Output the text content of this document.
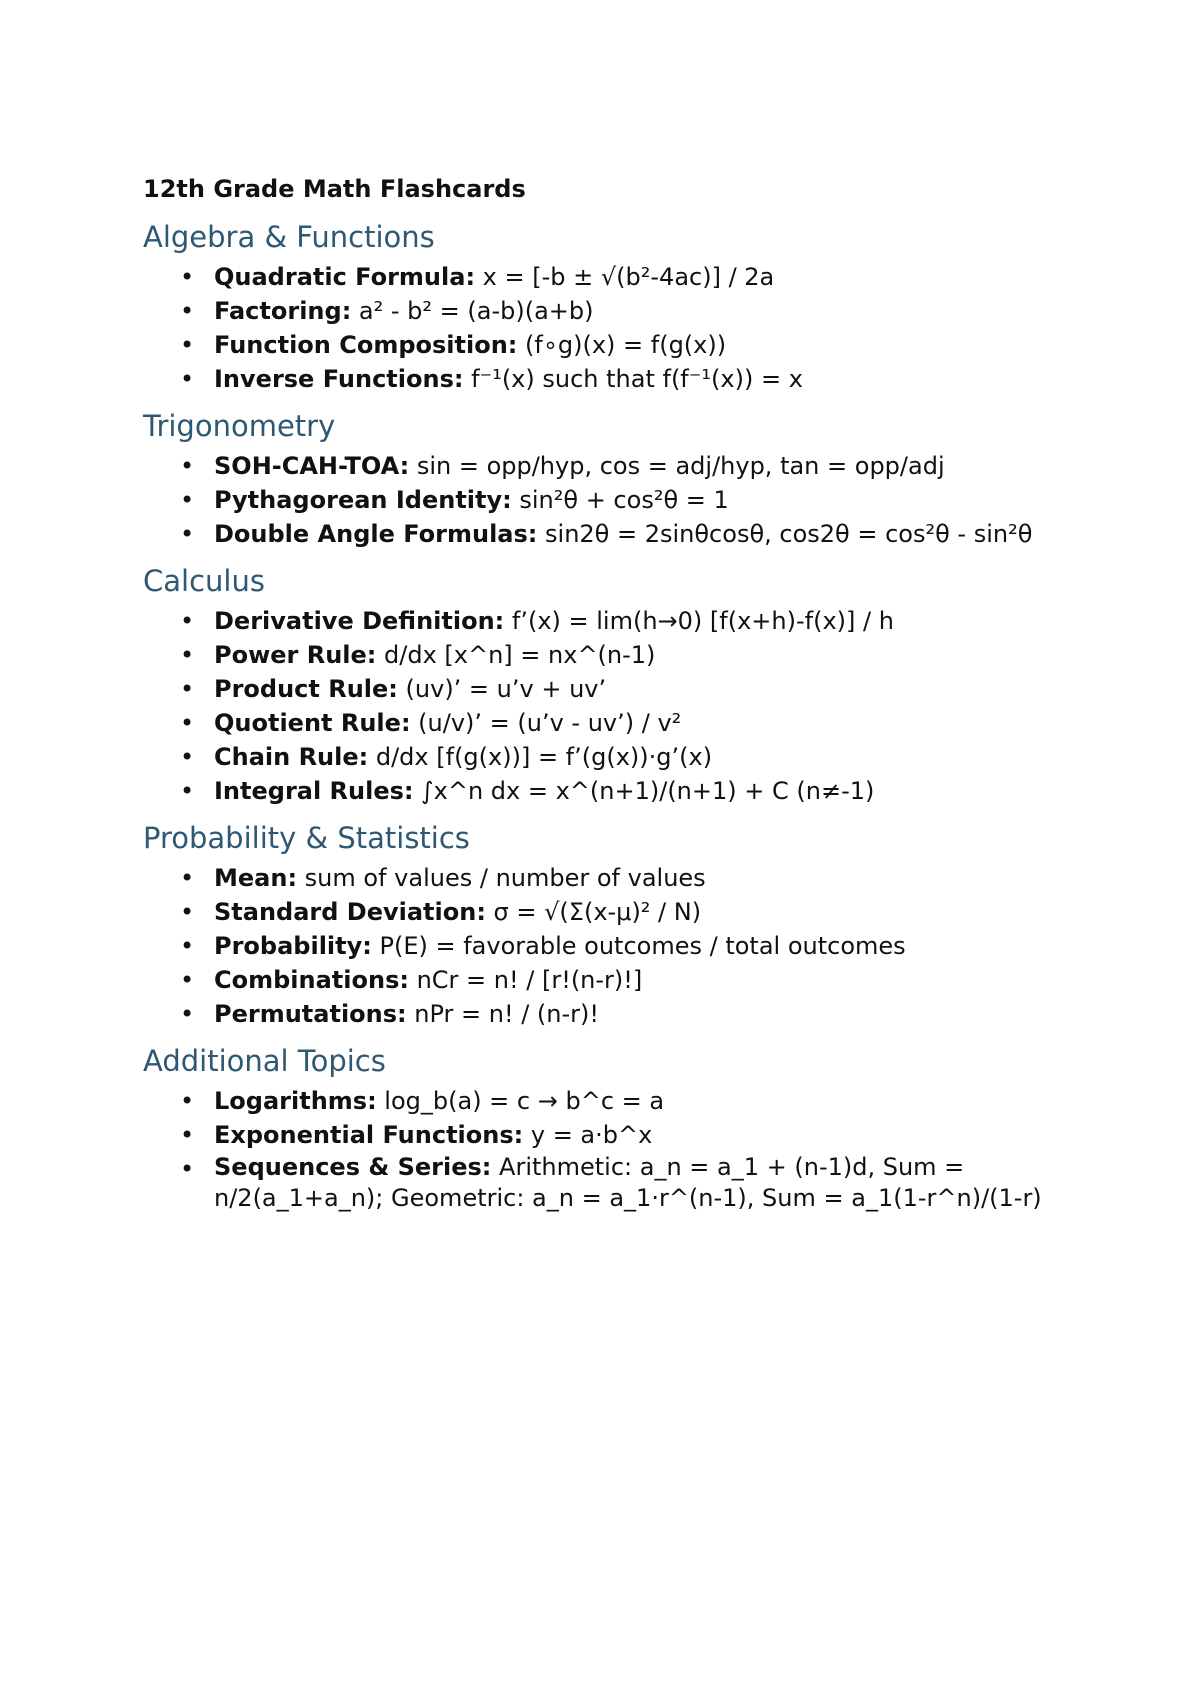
12th Grade Math Flashcards
Algebra & Functions
• Quadratic Formula: x = [-b ± √(b²-4ac)] / 2a
• Factoring: a² - b² = (a-b)(a+b)
• Function Composition: (f∘g)(x) = f(g(x))
• Inverse Functions: f⁻¹(x) such that f(f⁻¹(x)) = x
Trigonometry
• SOH-CAH-TOA: sin = opp/hyp, cos = adj/hyp, tan = opp/adj
• Pythagorean Identity: sin²θ + cos²θ = 1
• Double Angle Formulas: sin2θ = 2sinθcosθ, cos2θ = cos²θ - sin²θ
Calculus
• Derivative Definition: f’(x) = lim(h→0) [f(x+h)-f(x)] / h
• Power Rule: d/dx [x^n] = nx^(n-1)
• Product Rule: (uv)’ = u’v + uv’
• Quotient Rule: (u/v)’ = (u’v - uv’) / v²
• Chain Rule: d/dx [f(g(x))] = f’(g(x))·g’(x)
• Integral Rules: ∫x^n dx = x^(n+1)/(n+1) + C (n≠-1)
Probability & Statistics
• Mean: sum of values / number of values
• Standard Deviation: σ = √(Σ(x-μ)² / N)
• Probability: P(E) = favorable outcomes / total outcomes
• Combinations: nCr = n! / [r!(n-r)!]
• Permutations: nPr = n! / (n-r)!
Additional Topics
• Logarithms: log_b(a) = c → b^c = a
• Exponential Functions: y = a·b^x
• Sequences & Series: Arithmetic: a_n = a_1 + (n-1)d, Sum = n/2(a_1+a_n); Geometric: a_n = a_1·r^(n-1), Sum = a_1(1-r^n)/(1-r)
